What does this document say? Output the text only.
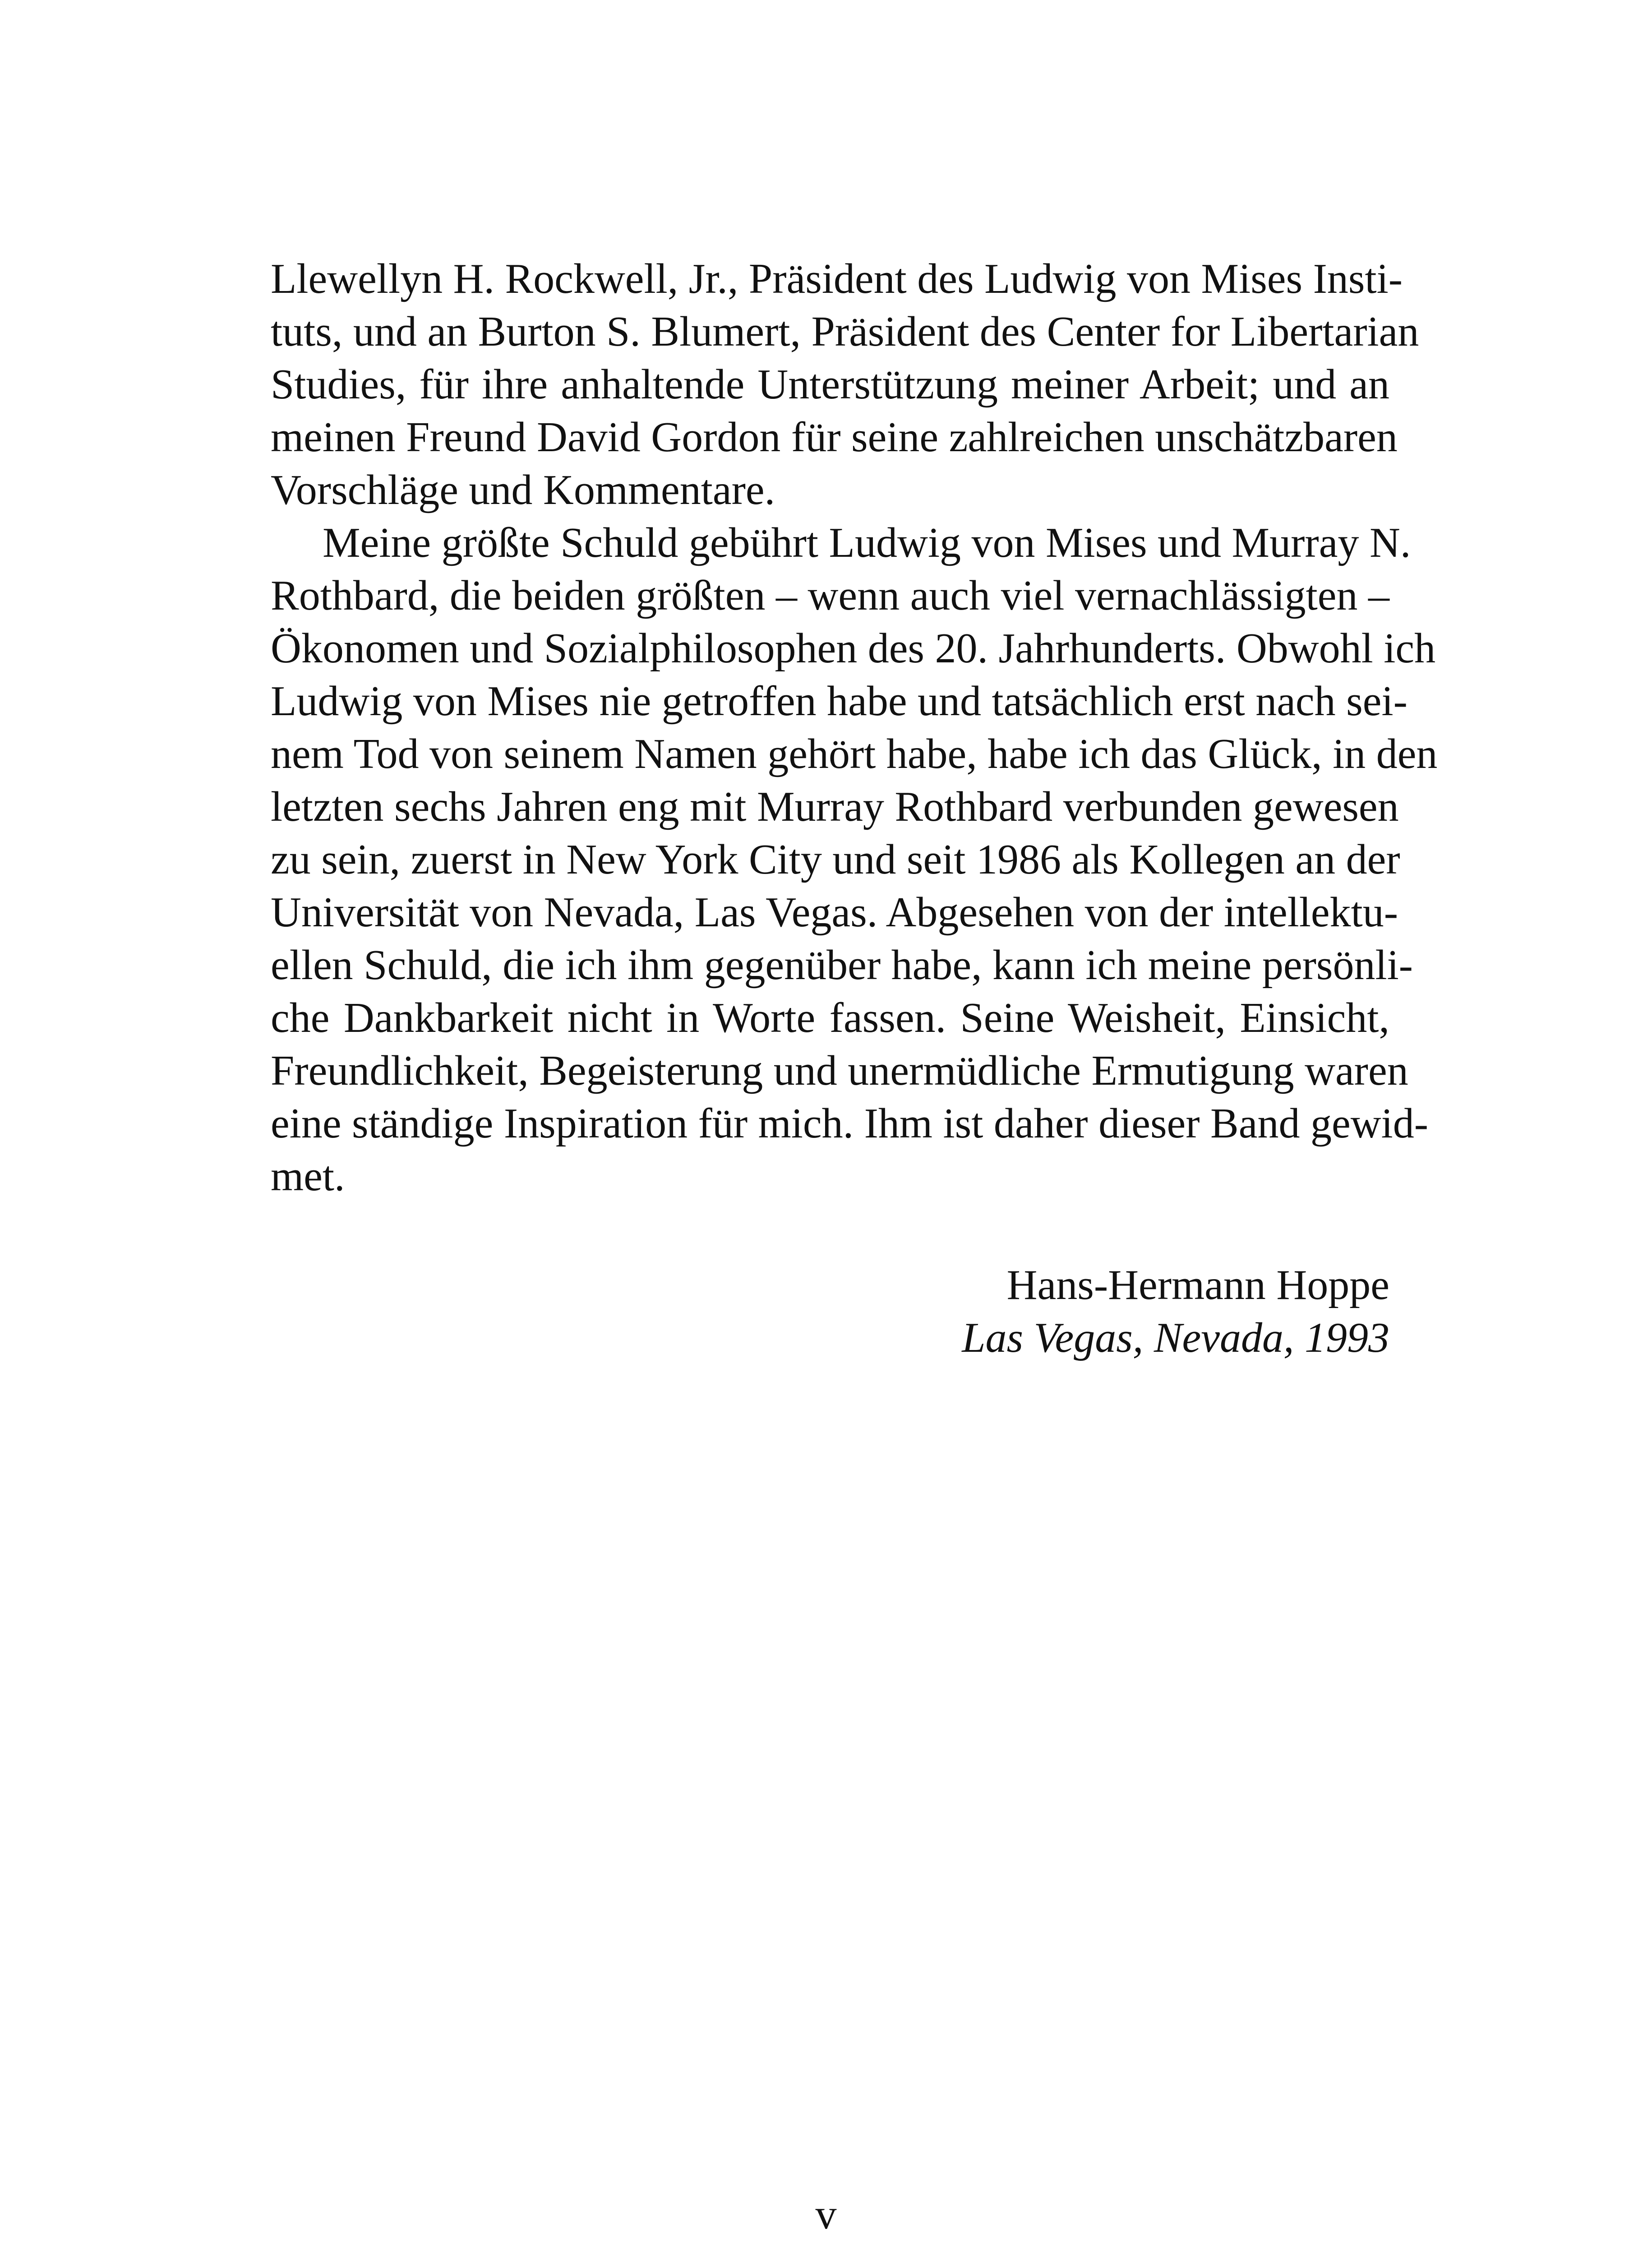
Llewellyn H. Rockwell, Jr., Präsident des Ludwig von Mises Insti-
tuts, und an Burton S. Blumert, Präsident des Center for Libertarian
Studies, für ihre anhaltende Unterstützung meiner Arbeit; und an
meinen Freund David Gordon für seine zahlreichen unschätzbaren
Vorschläge und Kommentare.
Meine größte Schuld gebührt Ludwig von Mises und Murray N.
Rothbard, die beiden größten – wenn auch viel vernachlässigten –
Ökonomen und Sozialphilosophen des 20. Jahrhunderts. Obwohl ich
Ludwig von Mises nie getroffen habe und tatsächlich erst nach sei-
nem Tod von seinem Namen gehört habe, habe ich das Glück, in den
letzten sechs Jahren eng mit Murray Rothbard verbunden gewesen
zu sein, zuerst in New York City und seit 1986 als Kollegen an der
Universität von Nevada, Las Vegas. Abgesehen von der intellektu-
ellen Schuld, die ich ihm gegenüber habe, kann ich meine persönli-
che Dankbarkeit nicht in Worte fassen. Seine Weisheit, Einsicht,
Freundlichkeit, Begeisterung und unermüdliche Ermutigung waren
eine ständige Inspiration für mich. Ihm ist daher dieser Band gewid-
met.
Hans-Hermann Hoppe
Las Vegas, Nevada, 1993
v
